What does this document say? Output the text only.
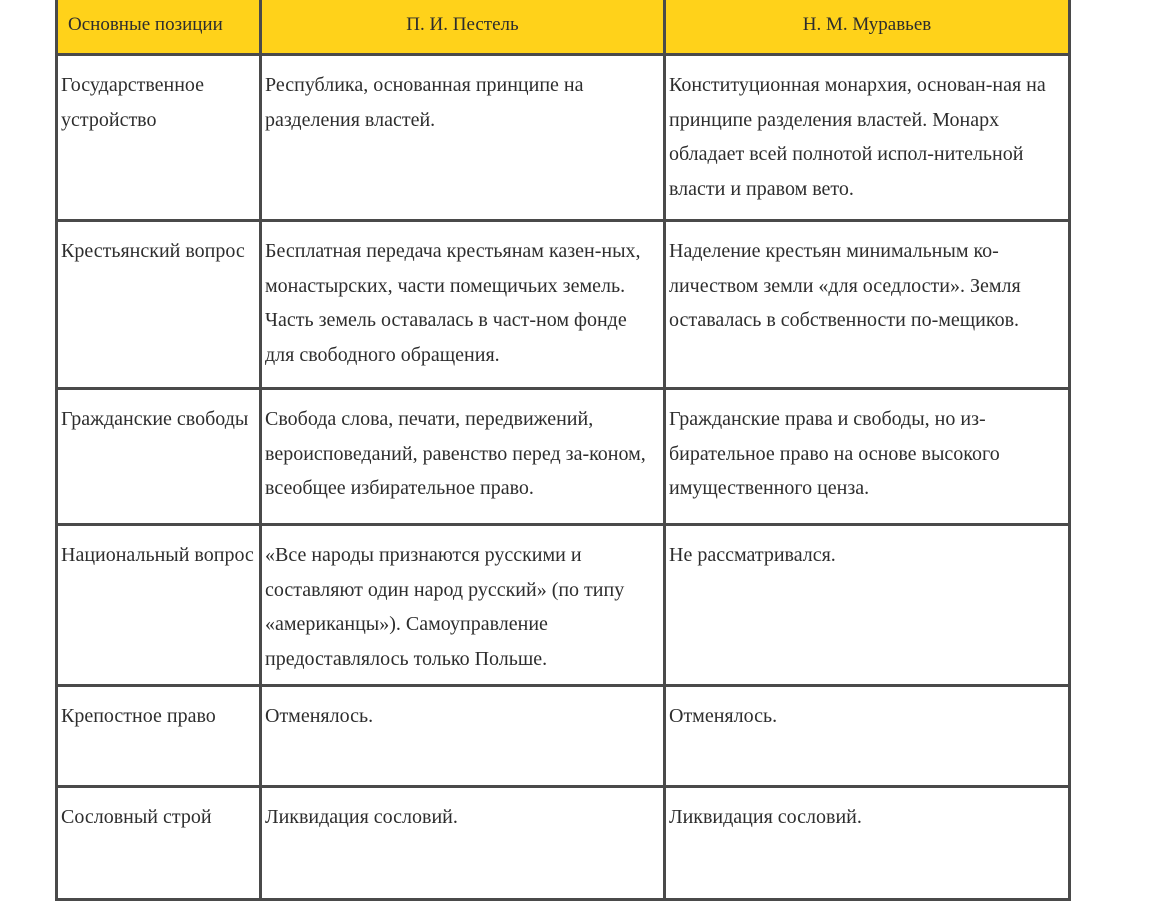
Основные позиции	П. И. Пестель	Н. М. Муравьев

Государственное устройство	Республика, основанная принципе на разделения властей.	Конституционная монархия, основан-ная на принципе разделения властей. Монарх обладает всей полнотой испол-нительной власти и правом вето.

Крестьянский вопрос	Бесплатная передача крестьянам казен-ных, монастырских, части помещичьих земель. Часть земель оставалась в част-ном фонде для свободного обращения.	Наделение крестьян минимальным ко-личеством земли «для оседлости». Земля оставалась в собственности по-мещиков.

Гражданские свободы	Свобода слова, печати, передвижений, вероисповеданий, равенство перед за-коном, всеобщее избирательное право.	Гражданские права и свободы, но из-бирательное право на основе высокого имущественного ценза.

Национальный вопрос	«Все народы признаются русскими и составляют один народ русский» (по типу «американцы»). Самоуправление предоставлялось только Польше.	Не рассматривался.

Крепостное право	Отменялось.	Отменялось.

Сословный строй	Ликвидация сословий.	Ликвидация сословий.
